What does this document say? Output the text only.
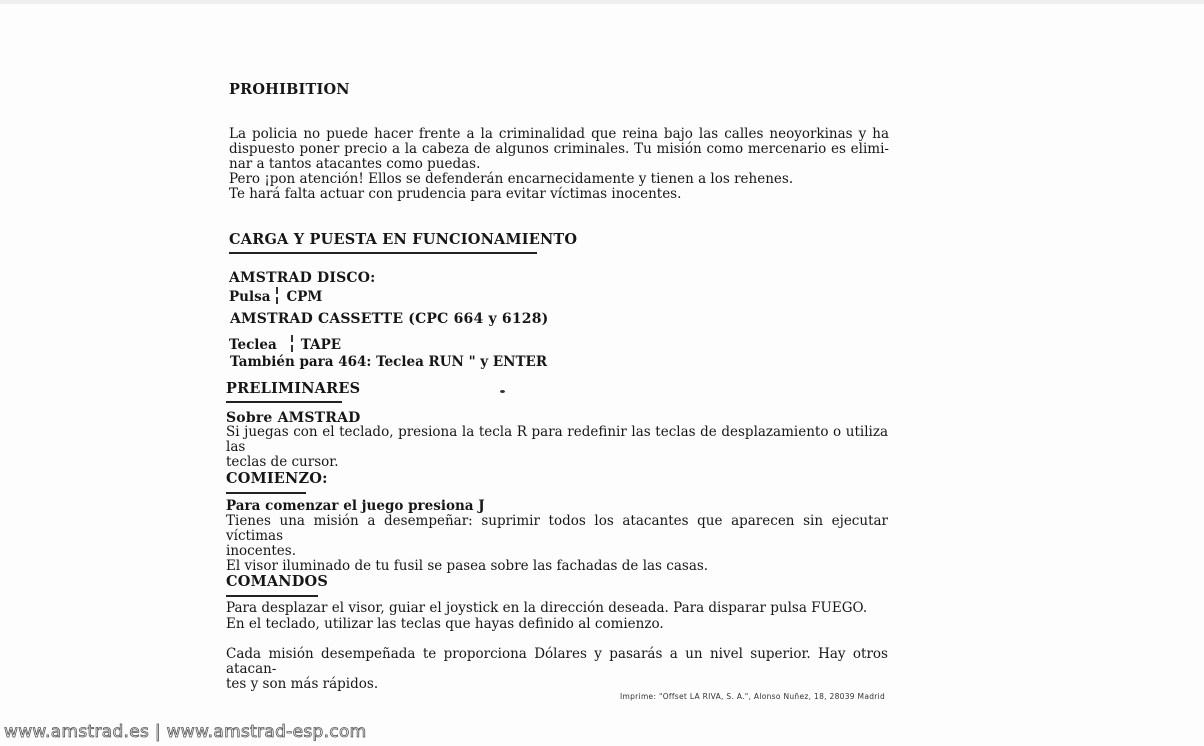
PROHIBITION

La policia no puede hacer frente a la criminalidad que reina bajo las calles neoyorkinas y ha

dispuesto poner precio a la cabeza de algunos criminales. Tu misión como mercenario es elimi-

nar a tantos atacantes como puedas.

Pero ¡pon atención! Ellos se defenderán encarnecidamente y tienen a los rehenes.

Te hará falta actuar con prudencia para evitar víctimas inocentes.

CARGA Y PUESTA EN FUNCIONAMIENTO
AMSTRAD DISCO:
Pulsa CPM
AMSTRAD CASSETTE (CPC 664 y 6128)
Teclea TAPE
También para 464: Teclea RUN " y ENTER
PRELIMINARES
Sobre AMSTRAD

Si juegas con el teclado, presiona la tecla R para redefinir las teclas de desplazamiento o utiliza las

teclas de cursor.

COMIENZO:
Para comenzar el juego presiona J

Tienes una misión a desempeñar: suprimir todos los atacantes que aparecen sin ejecutar víctimas

inocentes.

El visor iluminado de tu fusil se pasea sobre las fachadas de las casas.
COMANDOS
Para desplazar el visor, guiar el joystick en la dirección deseada. Para disparar pulsa FUEGO.
En el teclado, utilizar las teclas que hayas definido al comienzo.

Cada misión desempeñada te proporciona Dólares y pasarás a un nivel superior. Hay otros atacan-

tes y son más rápidos.

Imprime: "Offset LA RIVA, S. A.", Alonso Nuñez, 18, 28039 Madrid
www.amstrad.es | www.amstrad-esp.com
